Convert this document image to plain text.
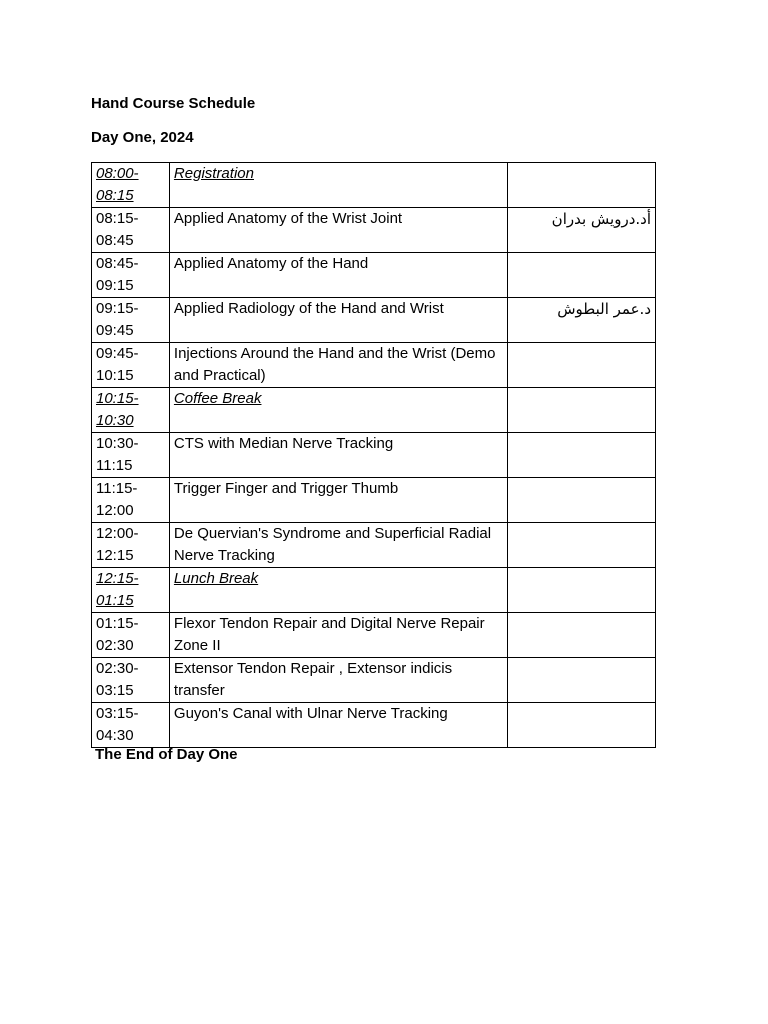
Hand Course Schedule
Day One, 2024
08:00-
08:15	Registration	

08:15-
08:45	Applied Anatomy of the Wrist Joint	أد.درويش بدران

08:45-
09:15	Applied Anatomy of the Hand	

09:15-
09:45	Applied Radiology of the Hand and Wrist	د.عمر البطوش

09:45-
10:15	Injections Around the Hand and the Wrist (Demo and Practical)	

10:15-
10:30	Coffee Break	

10:30-
11:15	CTS with Median Nerve Tracking	

11:15-
12:00	Trigger Finger and Trigger Thumb	

12:00-
12:15	De Quervian's Syndrome and Superficial Radial Nerve Tracking	

12:15-
01:15	Lunch Break	

01:15-
02:30	Flexor Tendon Repair and Digital Nerve Repair Zone II	

02:30-
03:15	Extensor Tendon Repair , Extensor indicis transfer	

03:15-
04:30	Guyon's Canal with Ulnar Nerve Tracking	
The End of Day One
